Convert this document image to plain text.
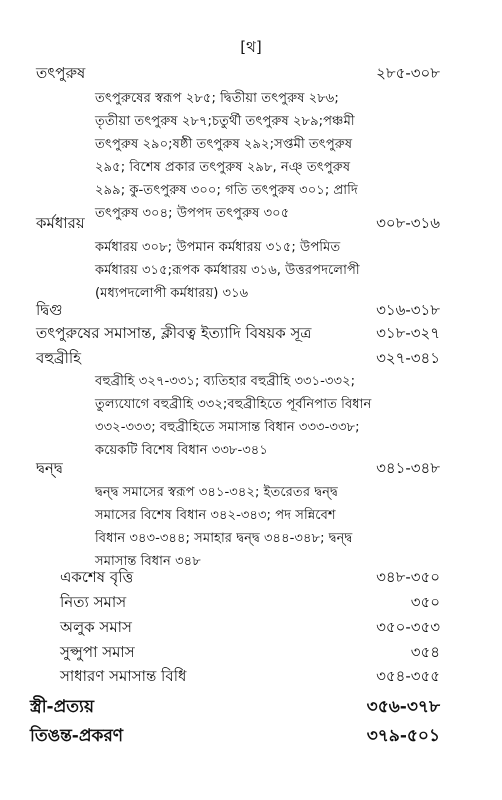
[থ]
তৎপুরুষ	২৮৫-৩০৮
তৎপুরুষের স্বরূপ ২৮৫; দ্বিতীয়া তৎপুরুষ ২৮৬;
তৃতীয়া তৎপুরুষ ২৮৭;চতুর্থী তৎপুরুষ ২৮৯;পঞ্চমী
তৎপুরুষ ২৯০;ষষ্ঠী তৎপুরুষ ২৯২;সপ্তমী তৎপুরুষ
২৯৫; বিশেষ প্রকার তৎপুরুষ ২৯৮, নঞ্‌ তৎপুরুষ
২৯৯; কু-তৎপুরুষ ৩০০; গতি তৎপুরুষ ৩০১; প্রাদি
তৎপুরুষ ৩০৪; উপপদ তৎপুরুষ ৩০৫
কর্মধারয়	৩০৮-৩১৬
কর্মধারয় ৩০৮; উপমান কর্মধারয় ৩১৫; উপমিত
কর্মধারয় ৩১৫;রূপক কর্মধারয় ৩১৬, উত্তরপদলোপী
(মধ্যপদলোপী কর্মধারয়) ৩১৬
দ্বিগু	৩১৬-৩১৮
তৎপুরুষের সমাসান্ত, ক্লীবত্ব ইত্যাদি বিষয়ক সূত্র	৩১৮-৩২৭
বহুব্রীহি	৩২৭-৩৪১
বহুব্রীহি ৩২৭-৩৩১; ব্যতিহার বহুব্রীহি ৩৩১-৩৩২;
তুল্যযোগে বহুব্রীহি ৩৩২;বহুব্রীহিতে পূর্বনিপাত বিধান
৩৩২-৩৩৩; বহুব্রীহিতে সমাসান্ত বিধান ৩৩৩-৩৩৮;
কয়েকটি বিশেষ বিধান ৩৩৮-৩৪১
দ্বন্দ্ব	৩৪১-৩৪৮
দ্বন্দ্ব সমাসের স্বরূপ ৩৪১-৩৪২; ইতরেতর দ্বন্দ্ব
সমাসের বিশেষ বিধান ৩৪২-৩৪৩; পদ সন্নিবেশ
বিধান ৩৪৩-৩৪৪; সমাহার দ্বন্দ্ব ৩৪৪-৩৪৮; দ্বন্দ্ব
সমাসান্ত বিধান ৩৪৮
একশেষ বৃত্তি	৩৪৮-৩৫০
নিত্য সমাস	৩৫০
অলুক সমাস	৩৫০-৩৫৩
সুপ্সুপা সমাস	৩৫৪
সাধারণ সমাসান্ত বিধি	৩৫৪-৩৫৫
স্ত্রী-প্রত্যয়	৩৫৬-৩৭৮
তিঙন্ত-প্রকরণ	৩৭৯-৫০১
